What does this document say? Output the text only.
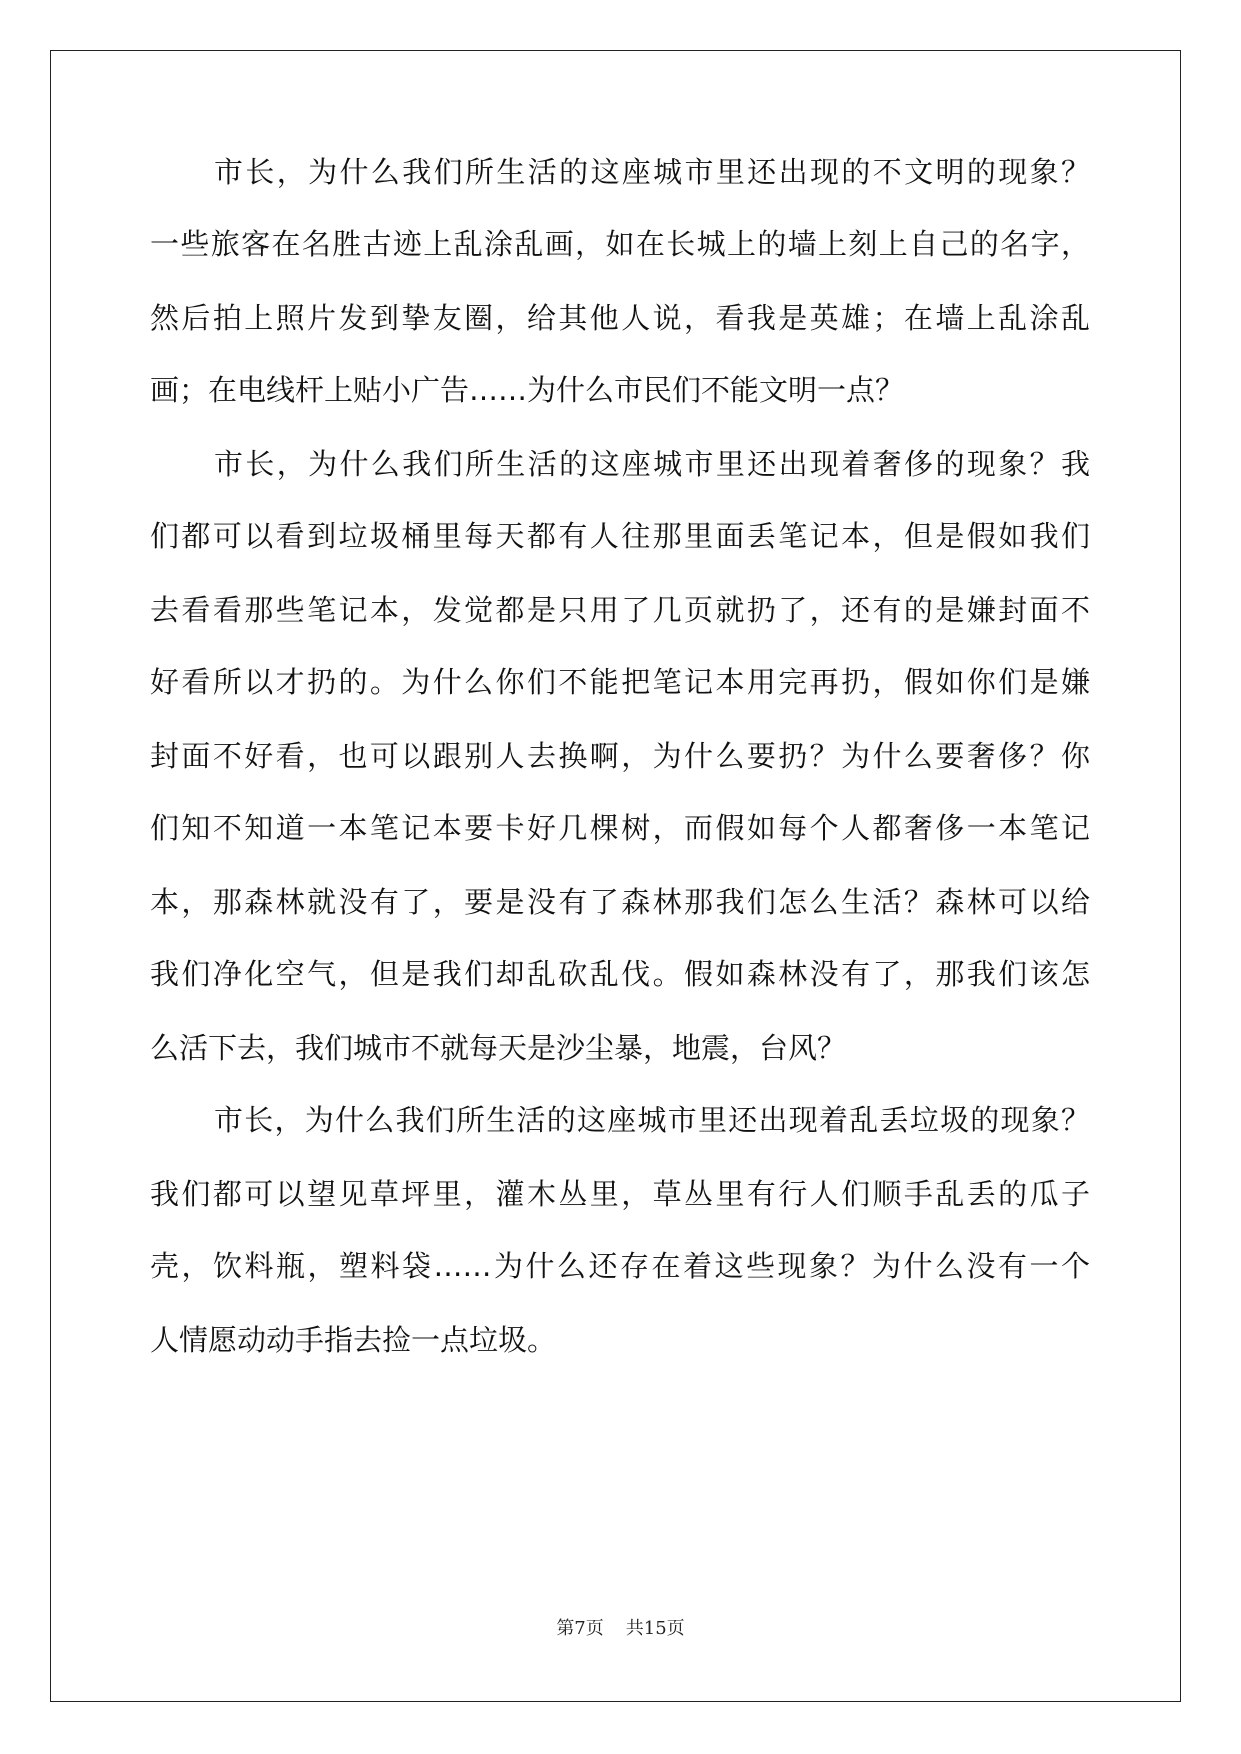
市长，为什么我们所生活的这座城市里还出现的不文明的现象？

一些旅客在名胜古迹上乱涂乱画，如在长城上的墙上刻上自己的名字，

然后拍上照片发到挚友圈，给其他人说，看我是英雄；在墙上乱涂乱

画；在电线杆上贴小广告……为什么市民们不能文明一点？

市长，为什么我们所生活的这座城市里还出现着奢侈的现象？我

们都可以看到垃圾桶里每天都有人往那里面丢笔记本，但是假如我们

去看看那些笔记本，发觉都是只用了几页就扔了，还有的是嫌封面不

好看所以才扔的。为什么你们不能把笔记本用完再扔，假如你们是嫌

封面不好看，也可以跟别人去换啊，为什么要扔？为什么要奢侈？你

们知不知道一本笔记本要卡好几棵树，而假如每个人都奢侈一本笔记

本，那森林就没有了，要是没有了森林那我们怎么生活？森林可以给

我们净化空气，但是我们却乱砍乱伐。假如森林没有了，那我们该怎

么活下去，我们城市不就每天是沙尘暴，地震，台风？

市长，为什么我们所生活的这座城市里还出现着乱丢垃圾的现象？

我们都可以望见草坪里，灌木丛里，草丛里有行人们顺手乱丢的瓜子

壳，饮料瓶，塑料袋……为什么还存在着这些现象？为什么没有一个

人情愿动动手指去捡一点垃圾。

第7页 共15页
